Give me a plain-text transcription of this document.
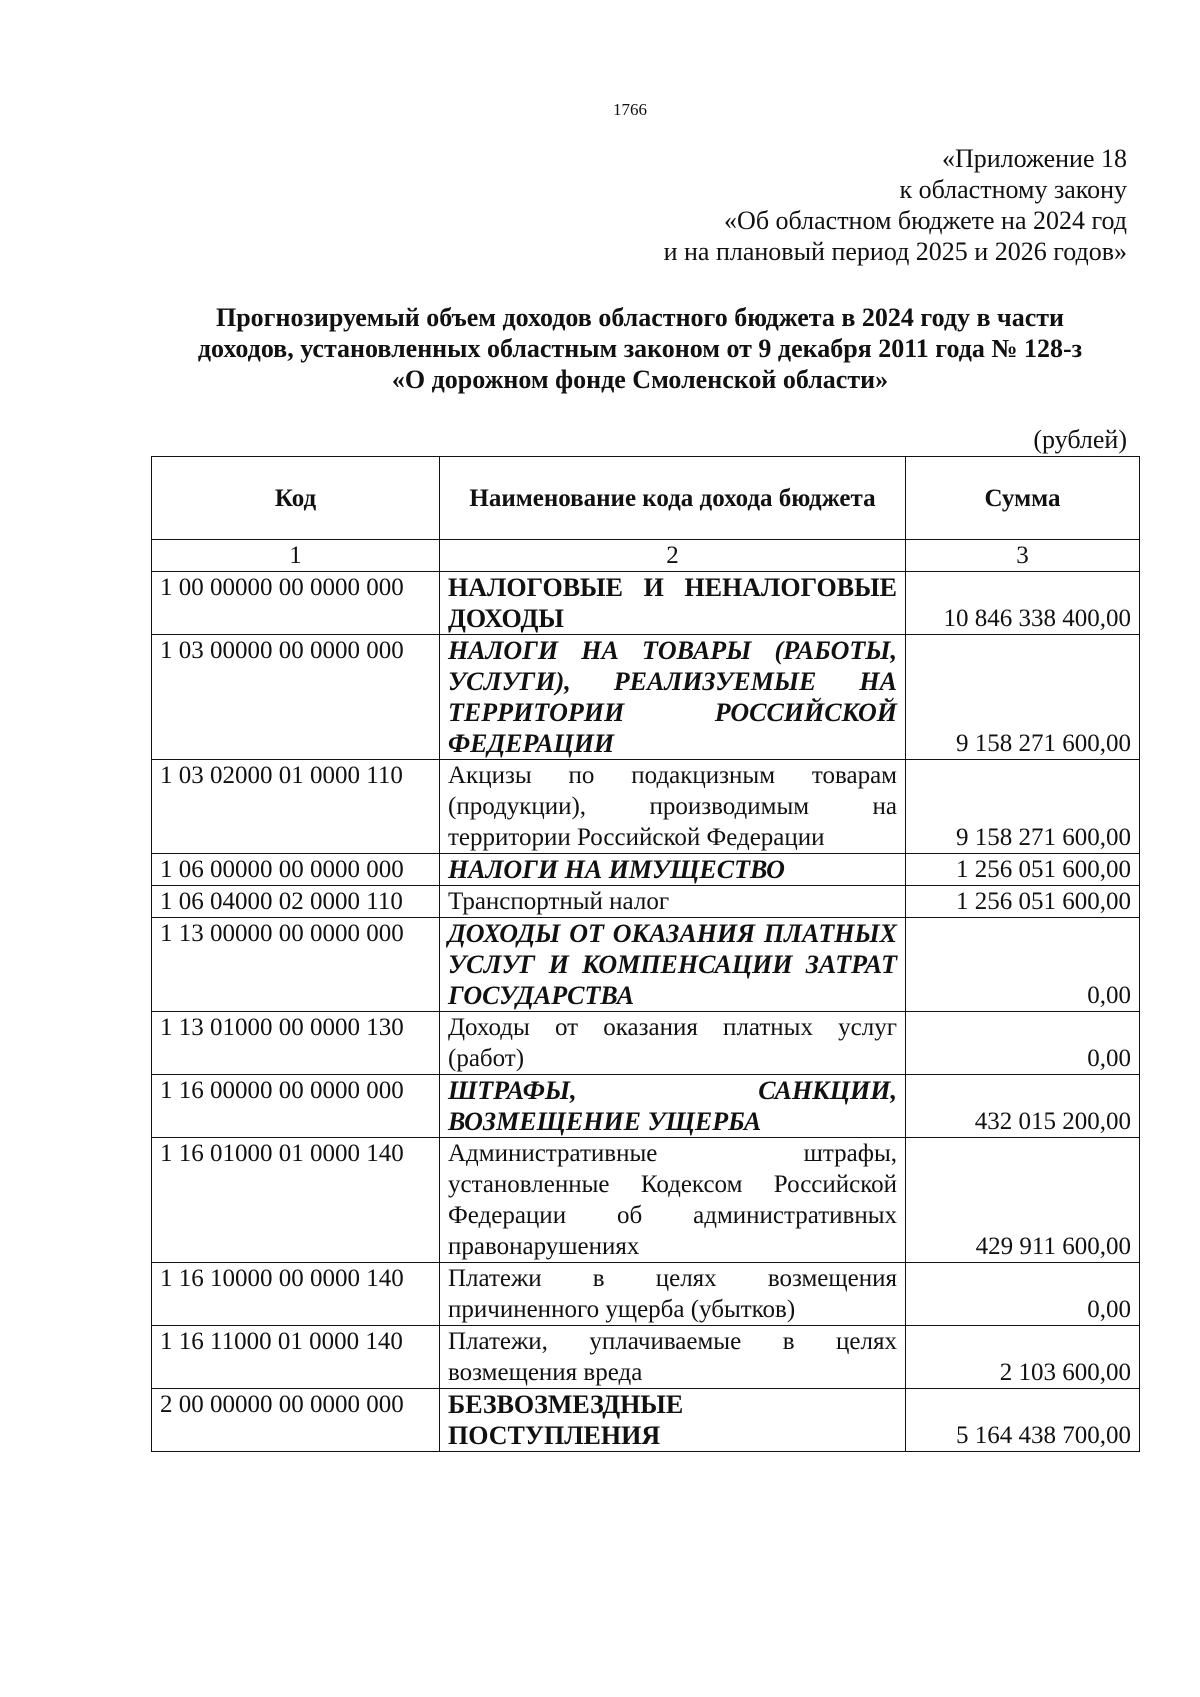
1766
«Приложение 18
к областному закону
«Об областном бюджете на 2024 год
и на плановый период 2025 и 2026 годов»
Прогнозируемый объем доходов областного бюджета в 2024 году в части
доходов, установленных областным законом от 9 декабря 2011 года № 128-з
«О дорожном фонде Смоленской области»
(рублей)
Код	Наименование кода дохода бюджета	Сумма
1	2	3
1 00 00000 00 0000 000	НАЛОГОВЫЕ И НЕНАЛОГОВЫЕ ДОХОДЫ	10 846 338 400,00
1 03 00000 00 0000 000	НАЛОГИ НА ТОВАРЫ (РАБОТЫ, УСЛУГИ), РЕАЛИЗУЕМЫЕ НА ТЕРРИТОРИИ РОССИЙСКОЙ ФЕДЕРАЦИИ	9 158 271 600,00
1 03 02000 01 0000 110	Акцизы по подакцизным товарам (продукции), производимым на территории Российской Федерации	9 158 271 600,00
1 06 00000 00 0000 000	НАЛОГИ НА ИМУЩЕСТВО	1 256 051 600,00
1 06 04000 02 0000 110	Транспортный налог	1 256 051 600,00
1 13 00000 00 0000 000	ДОХОДЫ ОТ ОКАЗАНИЯ ПЛАТНЫХ УСЛУГ И КОМПЕНСАЦИИ ЗАТРАТ ГОСУДАРСТВА	0,00
1 13 01000 00 0000 130	Доходы от оказания платных услуг (работ)	0,00
1 16 00000 00 0000 000	ШТРАФЫ, САНКЦИИ, ВОЗМЕЩЕНИЕ УЩЕРБА	432 015 200,00
1 16 01000 01 0000 140	Административные штрафы, установленные Кодексом Российской Федерации об административных правонарушениях	429 911 600,00
1 16 10000 00 0000 140	Платежи в целях возмещения причиненного ущерба (убытков)	0,00
1 16 11000 01 0000 140	Платежи, уплачиваемые в целях возмещения вреда	2 103 600,00
2 00 00000 00 0000 000	БЕЗВОЗМЕЗДНЫЕ ПОСТУПЛЕНИЯ	5 164 438 700,00
